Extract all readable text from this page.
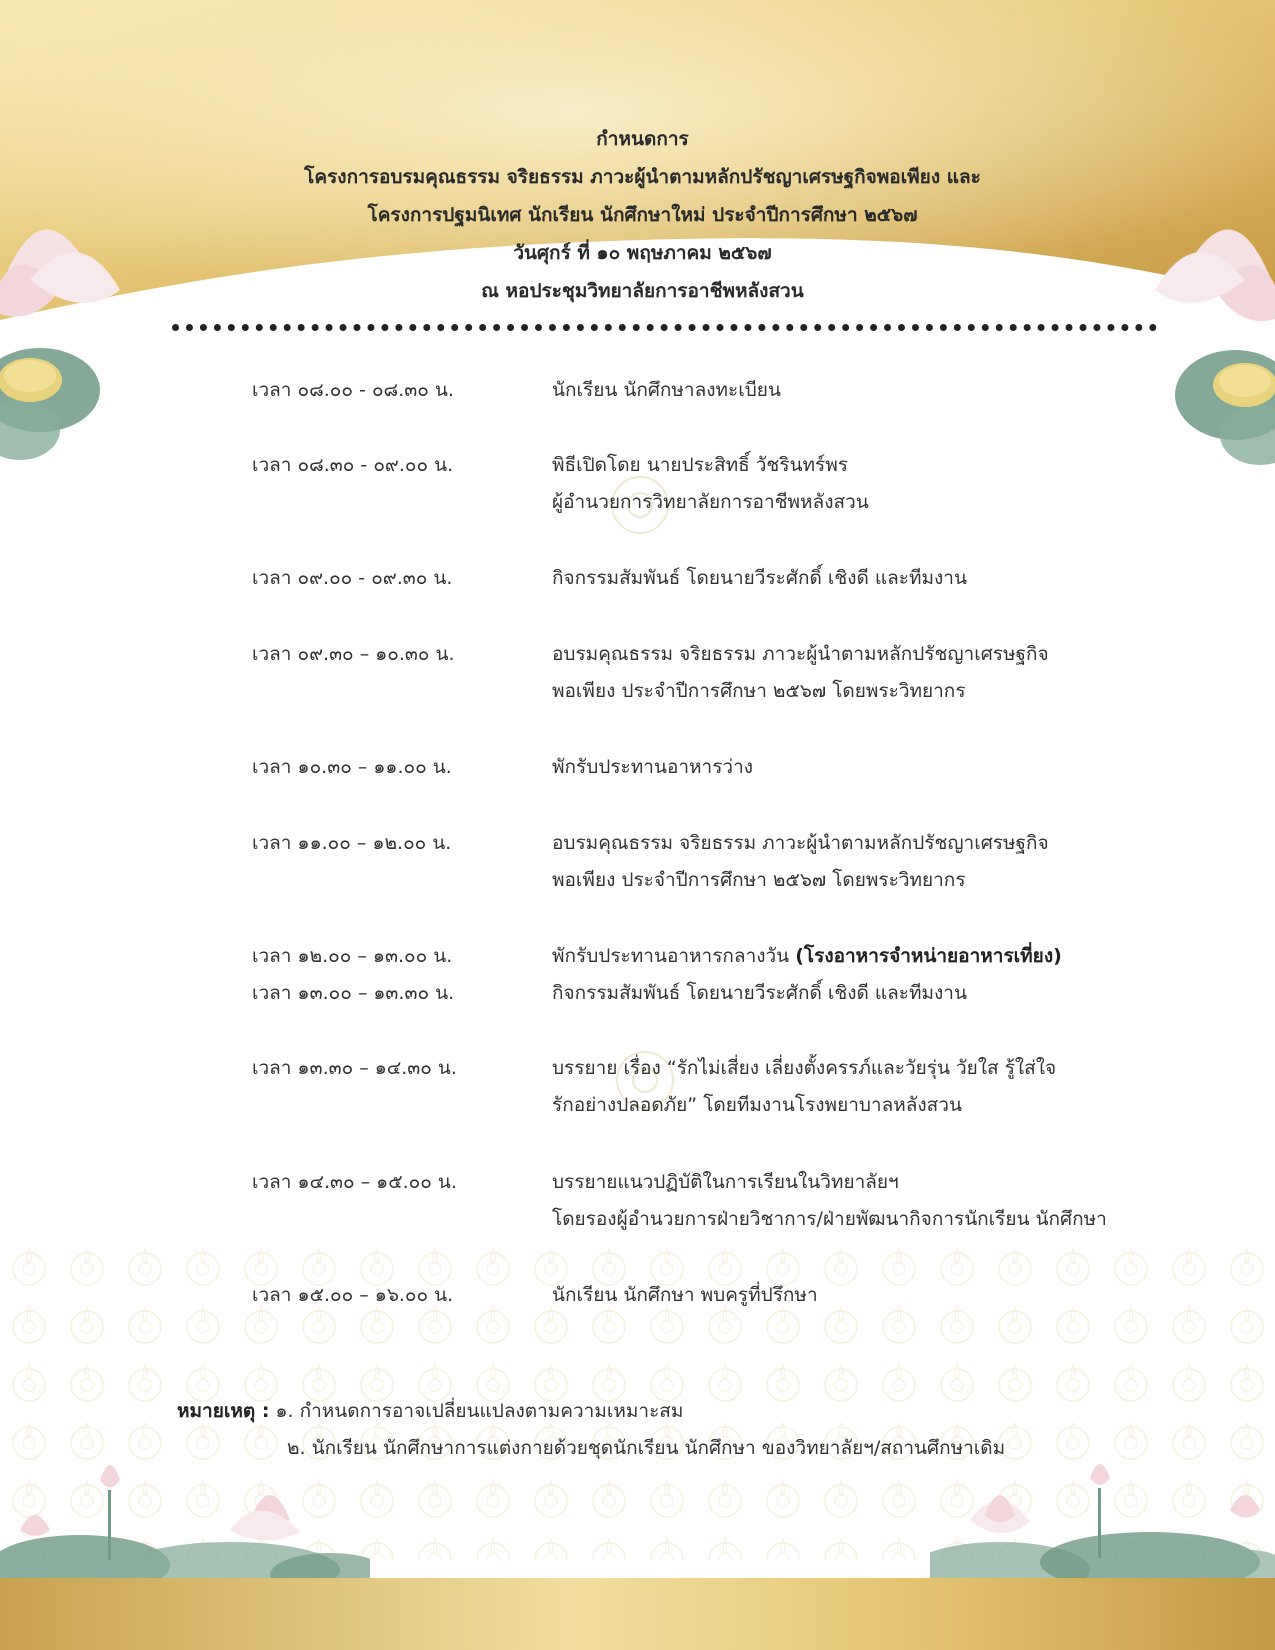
กำหนดการ
โครงการอบรมคุณธรรม จริยธรรม ภาวะผู้นำตามหลักปรัชญาเศรษฐกิจพอเพียง และ
โครงการปฐมนิเทศ นักเรียน นักศึกษาใหม่ ประจำปีการศึกษา ๒๕๖๗
วันศุกร์ ที่ ๑๐ พฤษภาคม ๒๕๖๗
ณ หอประชุมวิทยาลัยการอาชีพหลังสวน
เวลา ๐๘.๐๐ - ๐๘.๓๐ น.	นักเรียน นักศึกษาลงทะเบียน
เวลา ๐๘.๓๐ - ๐๙.๐๐ น.	พิธีเปิดโดย นายประสิทธิ์ วัชรินทร์พร
ผู้อำนวยการวิทยาลัยการอาชีพหลังสวน
เวลา ๐๙.๐๐ - ๐๙.๓๐ น.	กิจกรรมสัมพันธ์ โดยนายวีระศักดิ์ เชิงดี และทีมงาน
เวลา ๐๙.๓๐ – ๑๐.๓๐ น.	อบรมคุณธรรม จริยธรรม ภาวะผู้นำตามหลักปรัชญาเศรษฐกิจ
พอเพียง ประจำปีการศึกษา ๒๕๖๗ โดยพระวิทยากร
เวลา ๑๐.๓๐ – ๑๑.๐๐ น.	พักรับประทานอาหารว่าง
เวลา ๑๑.๐๐ – ๑๒.๐๐ น.	อบรมคุณธรรม จริยธรรม ภาวะผู้นำตามหลักปรัชญาเศรษฐกิจ
พอเพียง ประจำปีการศึกษา ๒๕๖๗ โดยพระวิทยากร
เวลา ๑๒.๐๐ – ๑๓.๐๐ น.	พักรับประทานอาหารกลางวัน (โรงอาหารจำหน่ายอาหารเที่ยง)
เวลา ๑๓.๐๐ – ๑๓.๓๐ น.	กิจกรรมสัมพันธ์ โดยนายวีระศักดิ์ เชิงดี และทีมงาน
เวลา ๑๓.๓๐ – ๑๔.๓๐ น.	บรรยาย เรื่อง “รักไม่เสี่ยง เลี่ยงตั้งครรภ์และวัยรุ่น วัยใส รู้ใส่ใจ
รักอย่างปลอดภัย” โดยทีมงานโรงพยาบาลหลังสวน
เวลา ๑๔.๓๐ – ๑๕.๐๐ น.	บรรยายแนวปฏิบัติในการเรียนในวิทยาลัยฯ
โดยรองผู้อำนวยการฝ่ายวิชาการ/ฝ่ายพัฒนากิจการนักเรียน นักศึกษา
เวลา ๑๕.๐๐ – ๑๖.๐๐ น.	นักเรียน นักศึกษา พบครูที่ปรึกษา
หมายเหตุ : ๑. กำหนดการอาจเปลี่ยนแปลงตามความเหมาะสม
๒. นักเรียน นักศึกษาการแต่งกายด้วยชุดนักเรียน นักศึกษา ของวิทยาลัยฯ/สถานศึกษาเดิม
